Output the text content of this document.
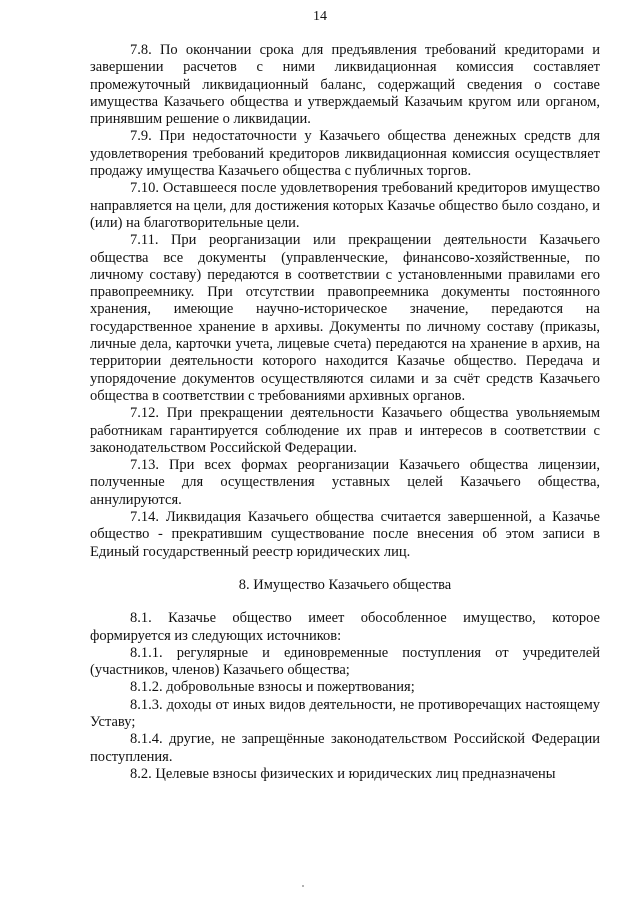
14

7.8. По окончании срока для предъявления требований кредиторами и завершении расчетов с ними ликвидационная комиссия составляет промежуточный ликвидационный баланс, содержащий сведения о составе имущества Казачьего общества и утверждаемый Казачьим кругом или органом, принявшим решение о ликвидации.

7.9. При недостаточности у Казачьего общества денежных средств для удовлетворения требований кредиторов ликвидационная комиссия осуществляет продажу имущества Казачьего общества с публичных торгов.

7.10. Оставшееся после удовлетворения требований кредиторов имущество направляется на цели, для достижения которых Казачье общество было создано, и (или) на благотворительные цели.

7.11. При реорганизации или прекращении деятельности Казачьего общества все документы (управленческие, финансово-хозяйственные, по личному составу) передаются в соответствии с установленными правилами его правопреемнику. При отсутствии правопреемника документы постоянного хранения, имеющие научно-историческое значение, передаются на государственное хранение в архивы. Документы по личному составу (приказы, личные дела, карточки учета, лицевые счета) передаются на хранение в архив, на территории деятельности которого находится Казачье общество. Передача и упорядочение документов осуществляются силами и за счёт средств Казачьего общества в соответствии с требованиями архивных органов.

7.12. При прекращении деятельности Казачьего общества увольняемым работникам гарантируется соблюдение их прав и интересов в соответствии с законодательством Российской Федерации.

7.13. При всех формах реорганизации Казачьего общества лицензии, полученные для осуществления уставных целей Казачьего общества, аннулируются.

7.14. Ликвидация Казачьего общества считается завершенной, а Казачье общество - прекратившим существование после внесения об этом записи в Единый государственный реестр юридических лиц.

8. Имущество Казачьего общества

8.1. Казачье общество имеет обособленное имущество, которое формируется из следующих источников:

8.1.1. регулярные и единовременные поступления от учредителей (участников, членов) Казачьего общества;

8.1.2. добровольные взносы и пожертвования;

8.1.3. доходы от иных видов деятельности, не противоречащих настоящему Уставу;

8.1.4. другие, не запрещённые законодательством Российской Федерации поступления.

8.2. Целевые взносы физических и юридических лиц предназначены
